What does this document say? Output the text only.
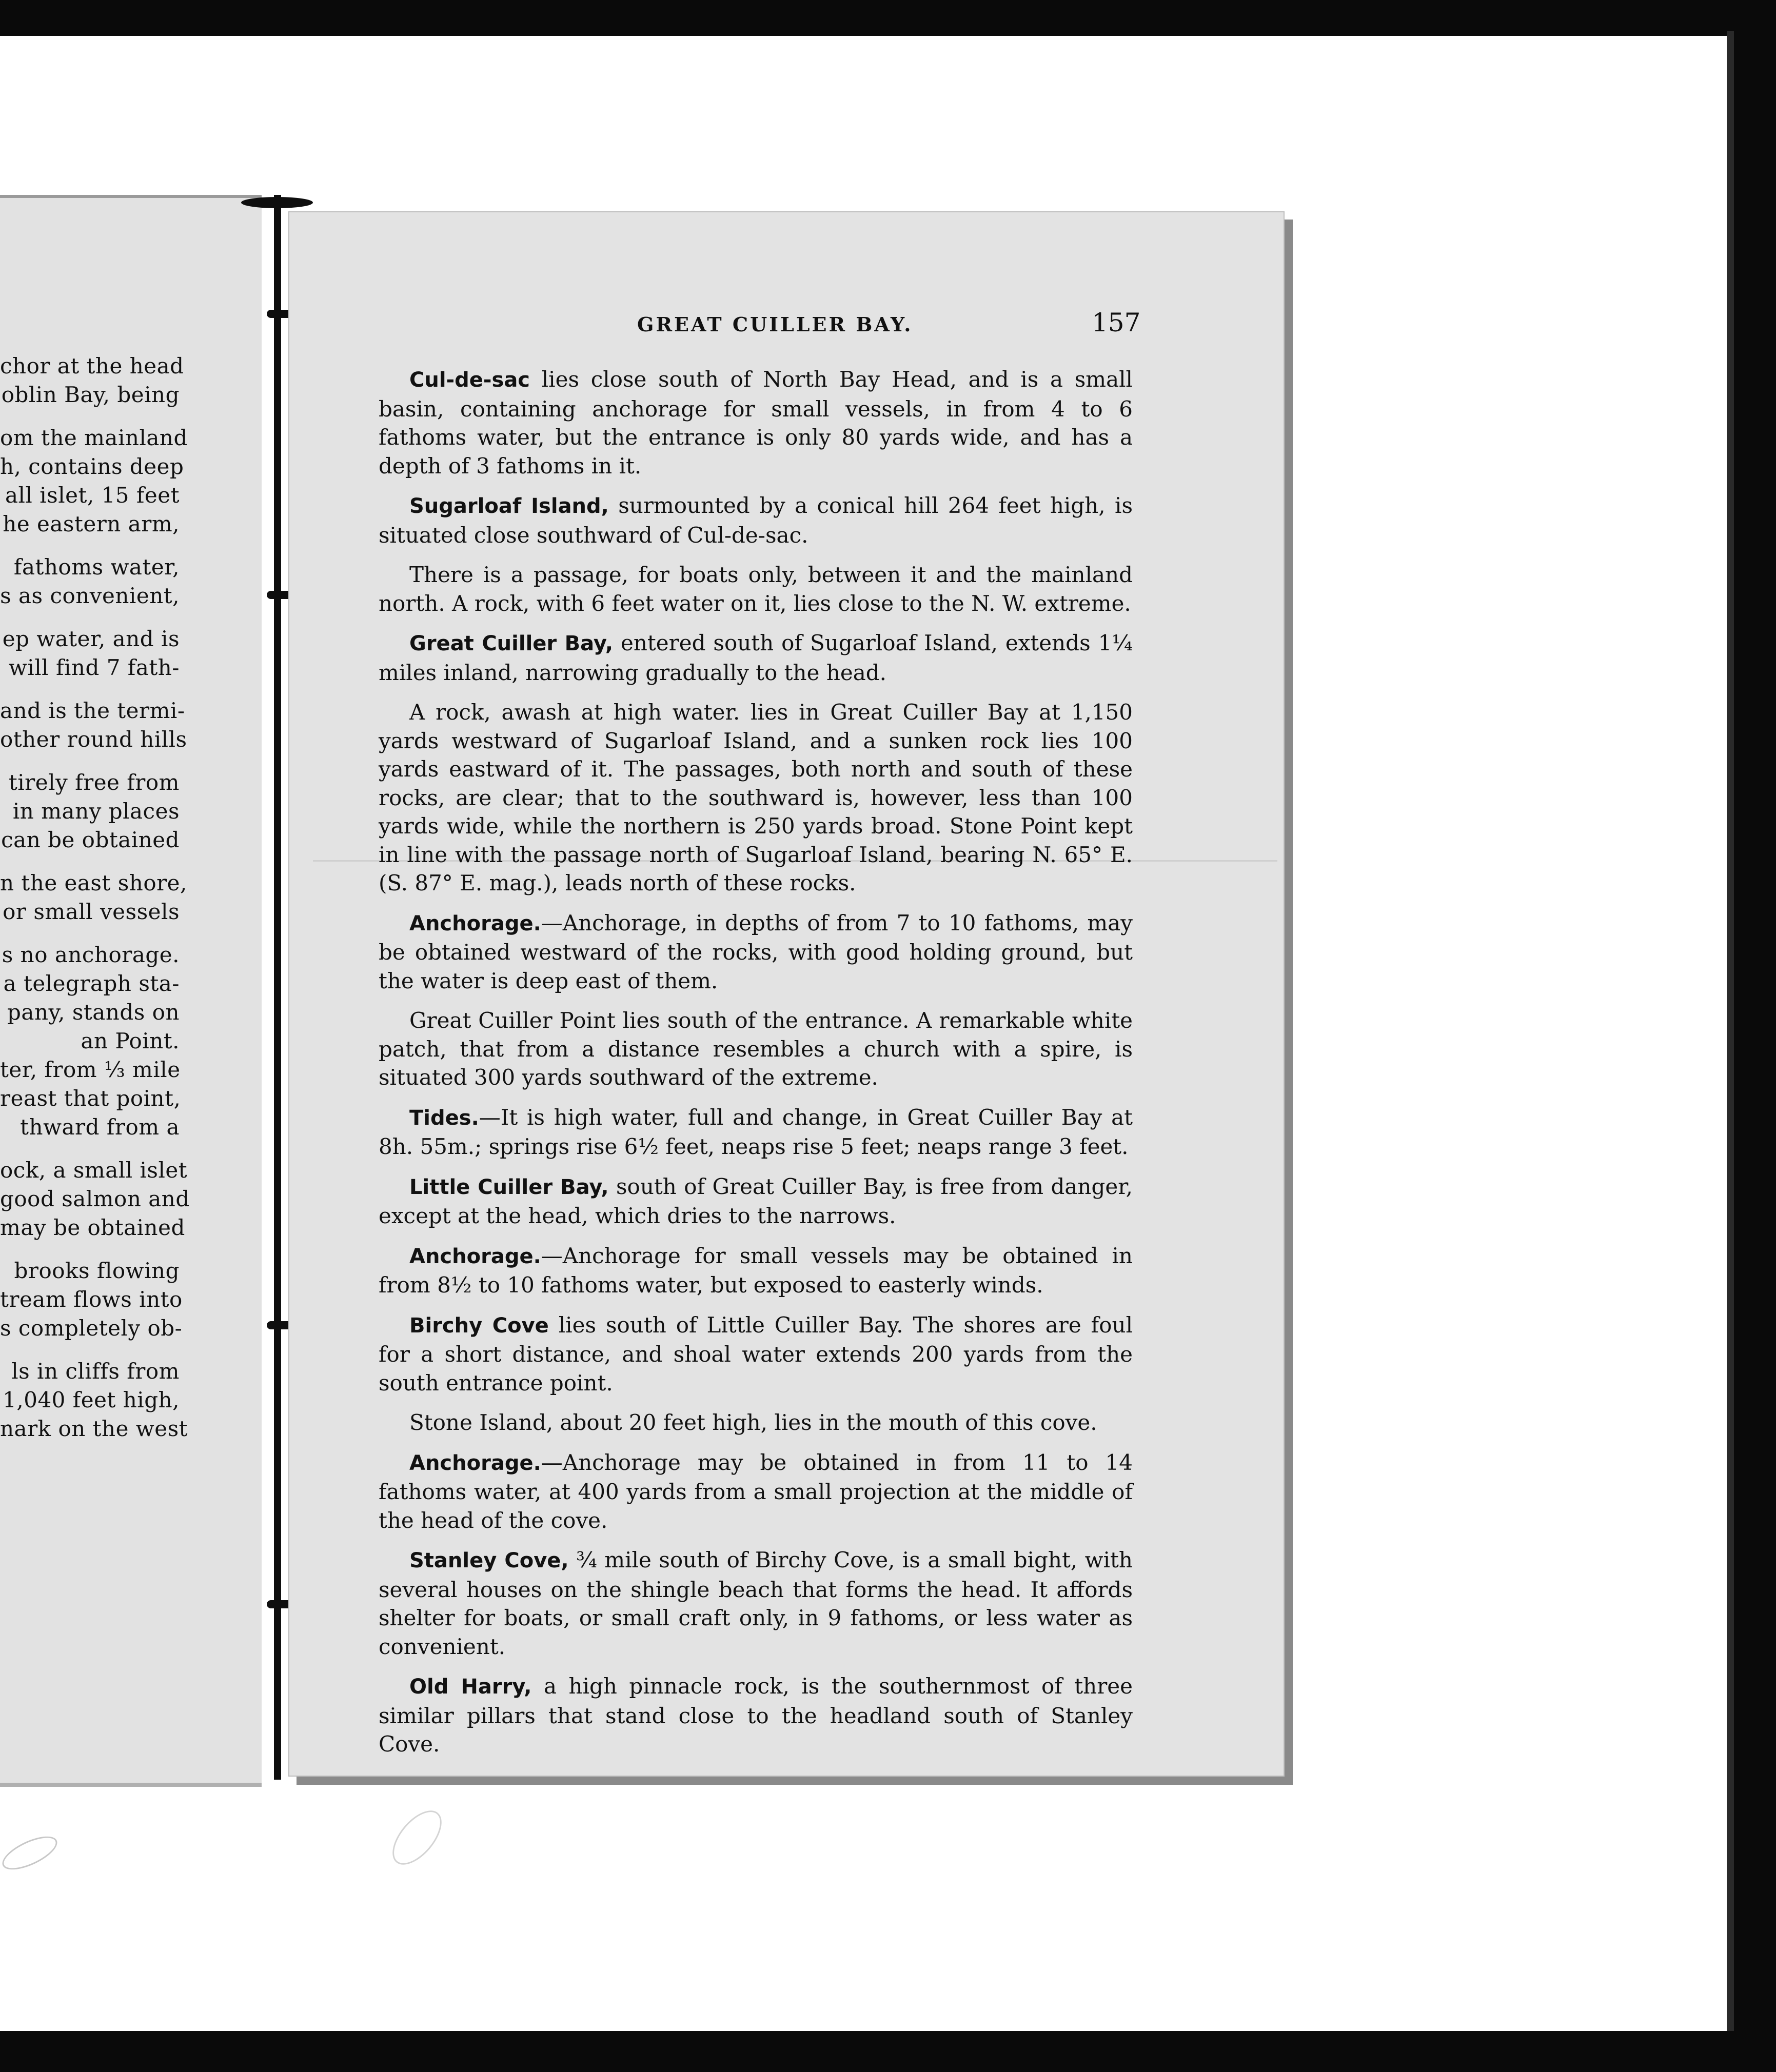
chor at the head
oblin Bay, being
om the mainland
h, contains deep
all islet, 15 feet
he eastern arm,
fathoms water,
s as convenient,
ep water, and is
will find 7 fath-
and is the termi-
other round hills
tirely free from
in many places
can be obtained
n the east shore,
or small vessels
s no anchorage.
a telegraph sta-
pany, stands on
an Point.
ter, from ⅓ mile
reast that point,
thward from a
ock, a small islet
good salmon and
may be obtained
brooks flowing
tream flows into
s completely ob-
ls in cliffs from
1,040 feet high,
nark on the west
GREAT CUILLER BAY.	157

Cul-de-sac lies close south of North Bay Head, and is a small basin, containing anchorage for small vessels, in from 4 to 6 fathoms water, but the entrance is only 80 yards wide, and has a depth of 3 fathoms in it.

Sugarloaf Island, surmounted by a conical hill 264 feet high, is situated close southward of Cul-de-sac.

There is a passage, for boats only, between it and the mainland north. A rock, with 6 feet water on it, lies close to the N. W. extreme.

Great Cuiller Bay, entered south of Sugarloaf Island, extends 1¼ miles inland, narrowing gradually to the head.

A rock, awash at high water. lies in Great Cuiller Bay at 1,150 yards westward of Sugarloaf Island, and a sunken rock lies 100 yards eastward of it. The passages, both north and south of these rocks, are clear; that to the southward is, however, less than 100 yards wide, while the northern is 250 yards broad. Stone Point kept in line with the passage north of Sugarloaf Island, bearing N. 65° E. (S. 87° E. mag.), leads north of these rocks.

Anchorage.—Anchorage, in depths of from 7 to 10 fathoms, may be obtained westward of the rocks, with good holding ground, but the water is deep east of them.

Great Cuiller Point lies south of the entrance. A remarkable white patch, that from a distance resembles a church with a spire, is situated 300 yards southward of the extreme.

Tides.—It is high water, full and change, in Great Cuiller Bay at 8h. 55m.; springs rise 6½ feet, neaps rise 5 feet; neaps range 3 feet.

Little Cuiller Bay, south of Great Cuiller Bay, is free from danger, except at the head, which dries to the narrows.

Anchorage.—Anchorage for small vessels may be obtained in from 8½ to 10 fathoms water, but exposed to easterly winds.

Birchy Cove lies south of Little Cuiller Bay. The shores are foul for a short distance, and shoal water extends 200 yards from the south entrance point.

Stone Island, about 20 feet high, lies in the mouth of this cove.

Anchorage.—Anchorage may be obtained in from 11 to 14 fathoms water, at 400 yards from a small projection at the middle of the head of the cove.

Stanley Cove, ¾ mile south of Birchy Cove, is a small bight, with several houses on the shingle beach that forms the head. It affords shelter for boats, or small craft only, in 9 fathoms, or less water as convenient.

Old Harry, a high pinnacle rock, is the southernmost of three similar pillars that stand close to the headland south of Stanley Cove.
